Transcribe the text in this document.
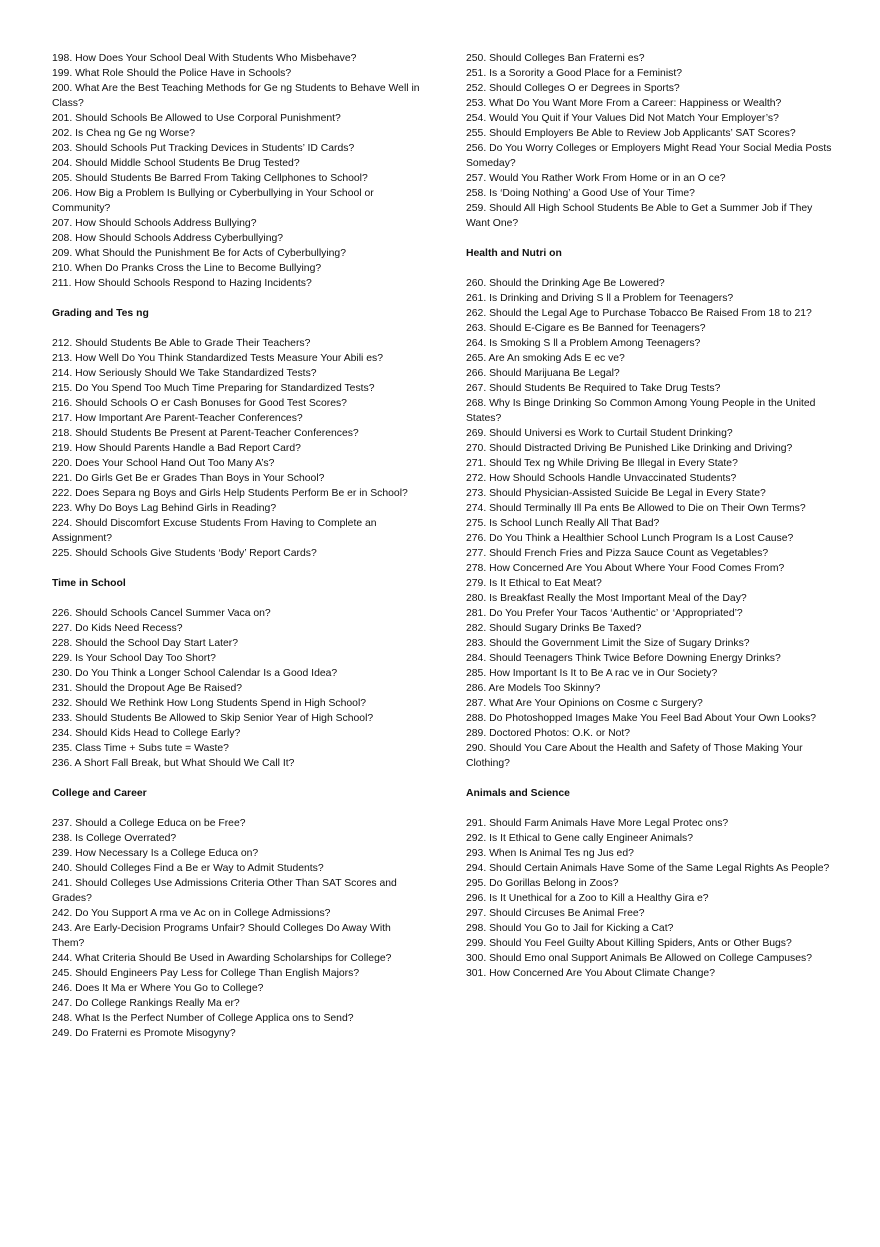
198. How Does Your School Deal With Students Who Misbehave?
199. What Role Should the Police Have in Schools?
200. What Are the Best Teaching Methods for Ge ng Students to Behave Well in Class?
201. Should Schools Be Allowed to Use Corporal Punishment?
202. Is Chea ng Ge ng Worse?
203. Should Schools Put Tracking Devices in Students’ ID Cards?
204. Should Middle School Students Be Drug Tested?
205. Should Students Be Barred From Taking Cellphones to School?
206. How Big a Problem Is Bullying or Cyberbullying in Your School or Community?
207. How Should Schools Address Bullying?
208. How Should Schools Address Cyberbullying?
209. What Should the Punishment Be for Acts of Cyberbullying?
210. When Do Pranks Cross the Line to Become Bullying?
211. How Should Schools Respond to Hazing Incidents?
Grading and Tes ng
212. Should Students Be Able to Grade Their Teachers?
213. How Well Do You Think Standardized Tests Measure Your Abili es?
214. How Seriously Should We Take Standardized Tests?
215. Do You Spend Too Much Time Preparing for Standardized Tests?
216. Should Schools O er Cash Bonuses for Good Test Scores?
217. How Important Are Parent-Teacher Conferences?
218. Should Students Be Present at Parent-Teacher Conferences?
219. How Should Parents Handle a Bad Report Card?
220. Does Your School Hand Out Too Many A’s?
221. Do Girls Get Be er Grades Than Boys in Your School?
222. Does Separa ng Boys and Girls Help Students Perform Be er in School?
223. Why Do Boys Lag Behind Girls in Reading?
224. Should Discomfort Excuse Students From Having to Complete an Assignment?
225. Should Schools Give Students ‘Body’ Report Cards?
Time in School
226. Should Schools Cancel Summer Vaca on?
227. Do Kids Need Recess?
228. Should the School Day Start Later?
229. Is Your School Day Too Short?
230. Do You Think a Longer School Calendar Is a Good Idea?
231. Should the Dropout Age Be Raised?
232. Should We Rethink How Long Students Spend in High School?
233. Should Students Be Allowed to Skip Senior Year of High School?
234. Should Kids Head to College Early?
235. Class Time + Subs tute = Waste?
236. A Short Fall Break, but What Should We Call It?
College and Career
237. Should a College Educa on be Free?
238. Is College Overrated?
239. How Necessary Is a College Educa on?
240. Should Colleges Find a Be er Way to Admit Students?
241. Should Colleges Use Admissions Criteria Other Than SAT Scores and Grades?
242. Do You Support A rma ve Ac on in College Admissions?
243. Are Early-Decision Programs Unfair? Should Colleges Do Away With Them?
244. What Criteria Should Be Used in Awarding Scholarships for College?
245. Should Engineers Pay Less for College Than English Majors?
246. Does It Ma er Where You Go to College?
247. Do College Rankings Really Ma er?
248. What Is the Perfect Number of College Applica ons to Send?
249. Do Fraterni es Promote Misogyny?
250. Should Colleges Ban Fraterni es?
251. Is a Sorority a Good Place for a Feminist?
252. Should Colleges O er Degrees in Sports?
253. What Do You Want More From a Career: Happiness or Wealth?
254. Would You Quit if Your Values Did Not Match Your Employer’s?
255. Should Employers Be Able to Review Job Applicants’ SAT Scores?
256. Do You Worry Colleges or Employers Might Read Your Social Media Posts Someday?
257. Would You Rather Work From Home or in an O ce?
258. Is ‘Doing Nothing’ a Good Use of Your Time?
259. Should All High School Students Be Able to Get a Summer Job if They Want One?
Health and Nutri on
260. Should the Drinking Age Be Lowered?
261. Is Drinking and Driving S ll a Problem for Teenagers?
262. Should the Legal Age to Purchase Tobacco Be Raised From 18 to 21?
263. Should E-Cigare es Be Banned for Teenagers?
264. Is Smoking S ll a Problem Among Teenagers?
265. Are An smoking Ads E ec ve?
266. Should Marijuana Be Legal?
267. Should Students Be Required to Take Drug Tests?
268. Why Is Binge Drinking So Common Among Young People in the United States?
269. Should Universi es Work to Curtail Student Drinking?
270. Should Distracted Driving Be Punished Like Drinking and Driving?
271. Should Tex ng While Driving Be Illegal in Every State?
272. How Should Schools Handle Unvaccinated Students?
273. Should Physician-Assisted Suicide Be Legal in Every State?
274. Should Terminally Ill Pa ents Be Allowed to Die on Their Own Terms?
275. Is School Lunch Really All That Bad?
276. Do You Think a Healthier School Lunch Program Is a Lost Cause?
277. Should French Fries and Pizza Sauce Count as Vegetables?
278. How Concerned Are You About Where Your Food Comes From?
279. Is It Ethical to Eat Meat?
280. Is Breakfast Really the Most Important Meal of the Day?
281. Do You Prefer Your Tacos ‘Authentic’ or ‘Appropriated’?
282. Should Sugary Drinks Be Taxed?
283. Should the Government Limit the Size of Sugary Drinks?
284. Should Teenagers Think Twice Before Downing Energy Drinks?
285. How Important Is It to Be A rac ve in Our Society?
286. Are Models Too Skinny?
287. What Are Your Opinions on Cosme c Surgery?
288. Do Photoshopped Images Make You Feel Bad About Your Own Looks?
289. Doctored Photos: O.K. or Not?
290. Should You Care About the Health and Safety of Those Making Your Clothing?
Animals and Science
291. Should Farm Animals Have More Legal Protec ons?
292. Is It Ethical to Gene cally Engineer Animals?
293. When Is Animal Tes ng Jus ed?
294. Should Certain Animals Have Some of the Same Legal Rights As People?
295. Do Gorillas Belong in Zoos?
296. Is It Unethical for a Zoo to Kill a Healthy Gira e?
297. Should Circuses Be Animal Free?
298. Should You Go to Jail for Kicking a Cat?
299. Should You Feel Guilty About Killing Spiders, Ants or Other Bugs?
300. Should Emo onal Support Animals Be Allowed on College Campuses?
301. How Concerned Are You About Climate Change?
